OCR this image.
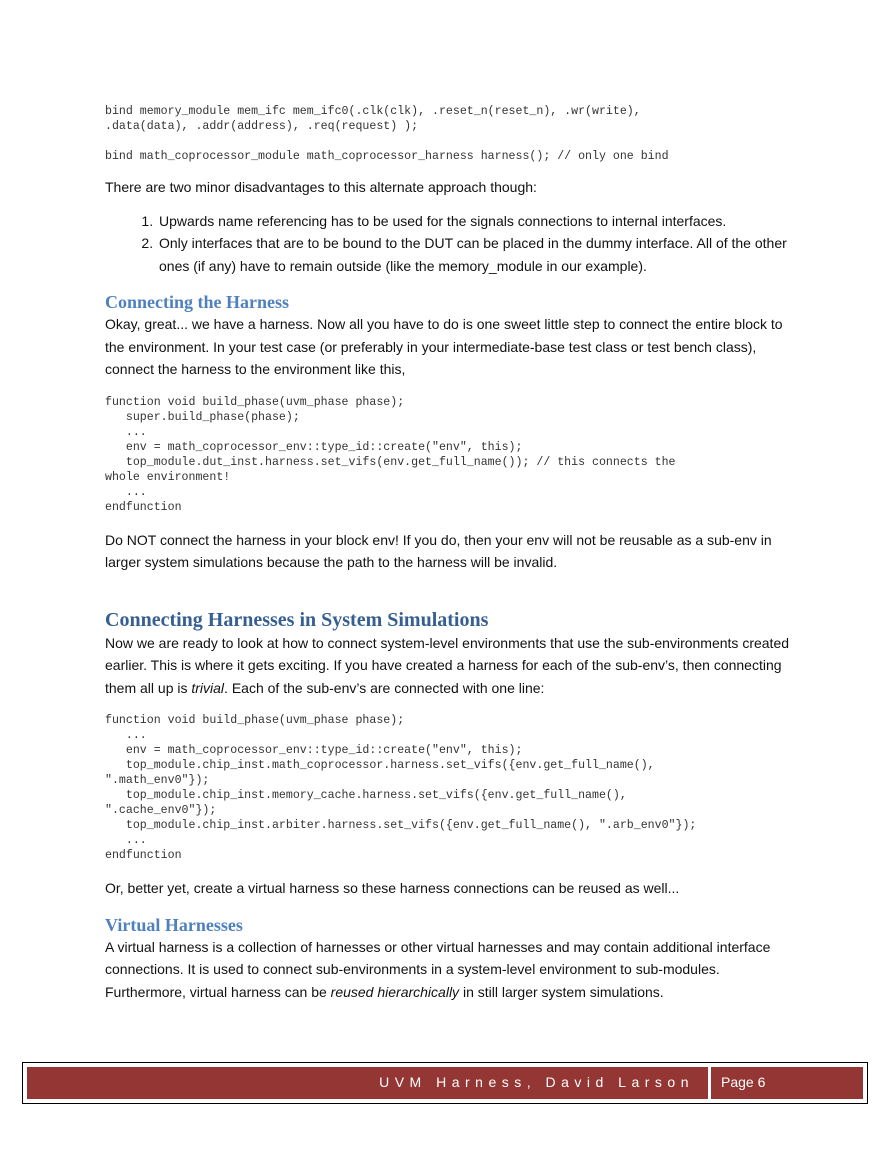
bind memory_module mem_ifc mem_ifc0(.clk(clk), .reset_n(reset_n), .wr(write),
.data(data), .addr(address), .req(request) );
bind math_coprocessor_module math_coprocessor_harness harness(); // only one bind

There are two minor disadvantages to this alternate approach though:

1. Upwards name referencing has to be used for the signals connections to internal interfaces.
2. Only interfaces that are to be bound to the DUT can be placed in the dummy interface. All of the other ones (if any) have to remain outside (like the memory_module in our example).
Connecting the Harness

Okay, great... we have a harness. Now all you have to do is one sweet little step to connect the entire block to the environment. In your test case (or preferably in your intermediate-base test class or test bench class), connect the harness to the environment like this,

function void build_phase(uvm_phase phase);
super.build_phase(phase);
...
env = math_coprocessor_env::type_id::create("env", this);
top_module.dut_inst.harness.set_vifs(env.get_full_name()); // this connects the
whole environment!
...
endfunction

Do NOT connect the harness in your block env! If you do, then your env will not be reusable as a sub-env in larger system simulations because the path to the harness will be invalid.

Connecting Harnesses in System Simulations

Now we are ready to look at how to connect system-level environments that use the sub-environments created earlier. This is where it gets exciting. If you have created a harness for each of the sub-env’s, then connecting them all up is trivial. Each of the sub-env’s are connected with one line:

function void build_phase(uvm_phase phase);
...
env = math_coprocessor_env::type_id::create("env", this);
top_module.chip_inst.math_coprocessor.harness.set_vifs({env.get_full_name(),
".math_env0"});
top_module.chip_inst.memory_cache.harness.set_vifs({env.get_full_name(),
".cache_env0"});
top_module.chip_inst.arbiter.harness.set_vifs({env.get_full_name(), ".arb_env0"});
...
endfunction

Or, better yet, create a virtual harness so these harness connections can be reused as well...

Virtual Harnesses

A virtual harness is a collection of harnesses or other virtual harnesses and may contain additional interface connections. It is used to connect sub-environments in a system-level environment to sub-modules. Furthermore, virtual harness can be reused hierarchically in still larger system simulations.

UVM Harness, David Larson Page 6
